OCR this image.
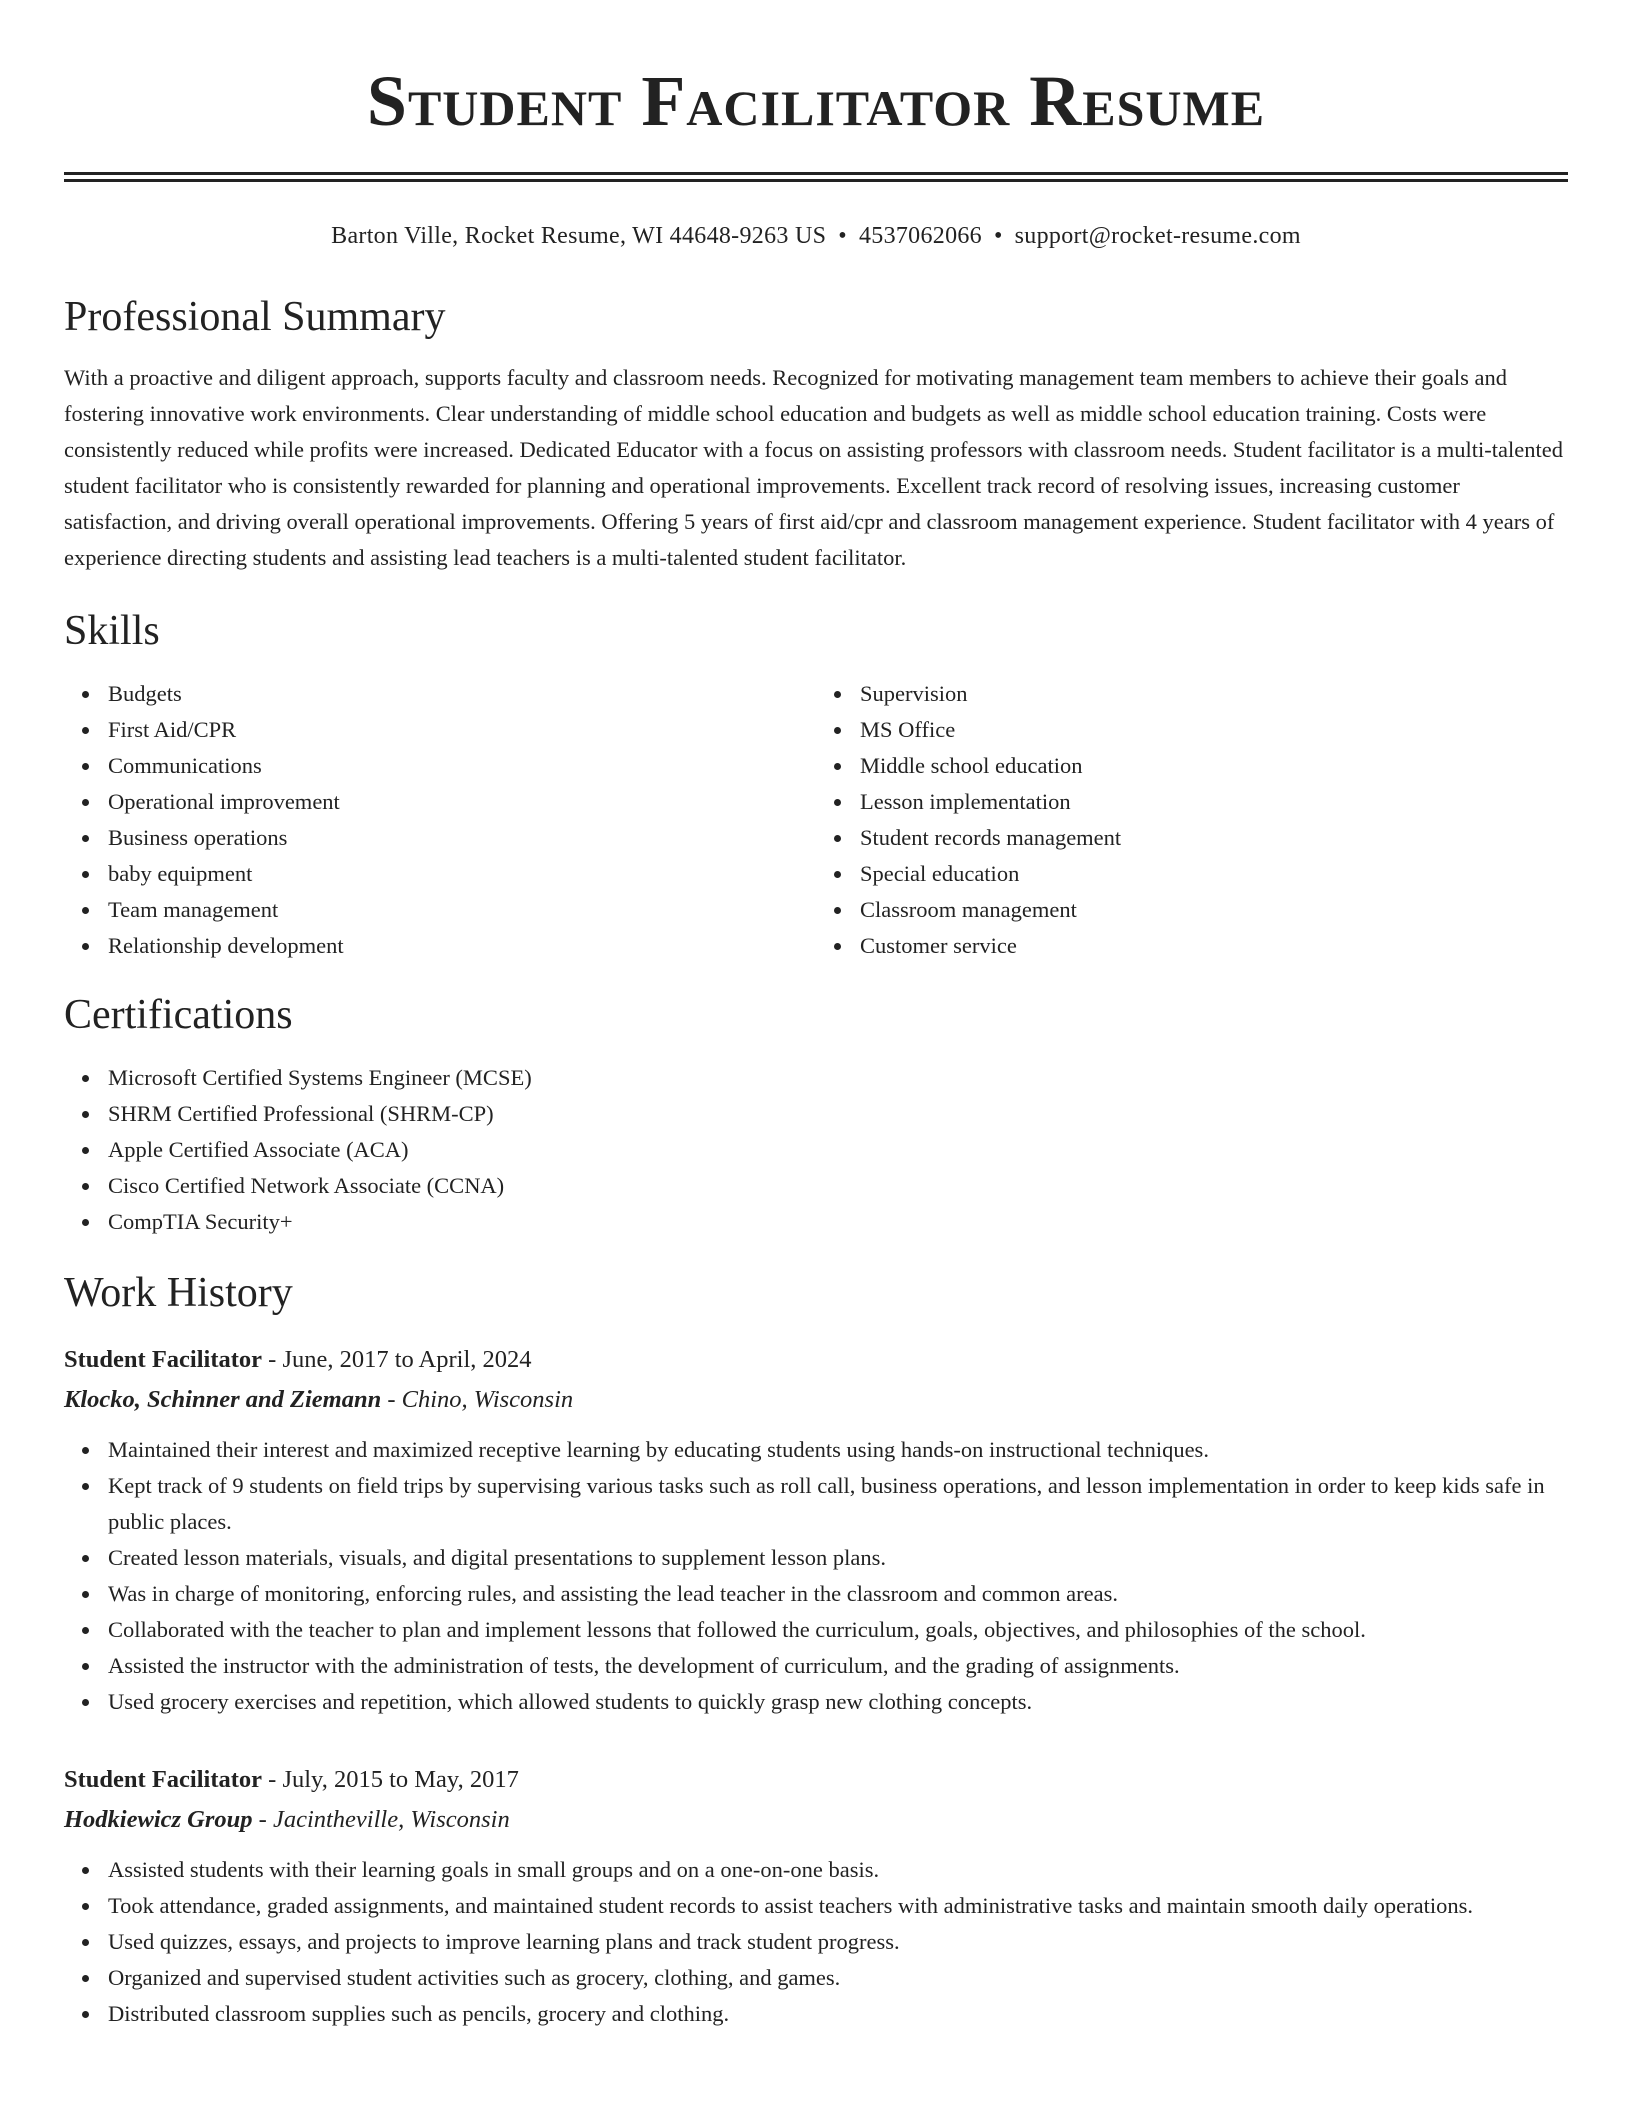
Student Facilitator Resume
Barton Ville, Rocket Resume, WI 44648-9263 US • 4537062066 • support@rocket-resume.com
Professional Summary

With a proactive and diligent approach, supports faculty and classroom needs. Recognized for motivating management team members to achieve their goals and fostering innovative work environments. Clear understanding of middle school education and budgets as well as middle school education training. Costs were consistently reduced while profits were increased. Dedicated Educator with a focus on assisting professors with classroom needs. Student facilitator is a multi-talented student facilitator who is consistently rewarded for planning and operational improvements. Excellent track record of resolving issues, increasing customer satisfaction, and driving overall operational improvements. Offering 5 years of first aid/cpr and classroom management experience. Student facilitator with 4 years of experience directing students and assisting lead teachers is a multi-talented student facilitator.

Skills
Budgets
First Aid/CPR
Communications
Operational improvement
Business operations
baby equipment
Team management
Relationship development
Supervision
MS Office
Middle school education
Lesson implementation
Student records management
Special education
Classroom management
Customer service
Certifications
Microsoft Certified Systems Engineer (MCSE)
SHRM Certified Professional (SHRM-CP)
Apple Certified Associate (ACA)
Cisco Certified Network Associate (CCNA)
CompTIA Security+
Work History
Student Facilitator - June, 2017 to April, 2024
Klocko, Schinner and Ziemann - Chino, Wisconsin
Maintained their interest and maximized receptive learning by educating students using hands-on instructional techniques.
Kept track of 9 students on field trips by supervising various tasks such as roll call, business operations, and lesson implementation in order to keep kids safe in public places.
Created lesson materials, visuals, and digital presentations to supplement lesson plans.
Was in charge of monitoring, enforcing rules, and assisting the lead teacher in the classroom and common areas.
Collaborated with the teacher to plan and implement lessons that followed the curriculum, goals, objectives, and philosophies of the school.
Assisted the instructor with the administration of tests, the development of curriculum, and the grading of assignments.
Used grocery exercises and repetition, which allowed students to quickly grasp new clothing concepts.
Student Facilitator - July, 2015 to May, 2017
Hodkiewicz Group - Jacintheville, Wisconsin
Assisted students with their learning goals in small groups and on a one-on-one basis.
Took attendance, graded assignments, and maintained student records to assist teachers with administrative tasks and maintain smooth daily operations.
Used quizzes, essays, and projects to improve learning plans and track student progress.
Organized and supervised student activities such as grocery, clothing, and games.
Distributed classroom supplies such as pencils, grocery and clothing.
